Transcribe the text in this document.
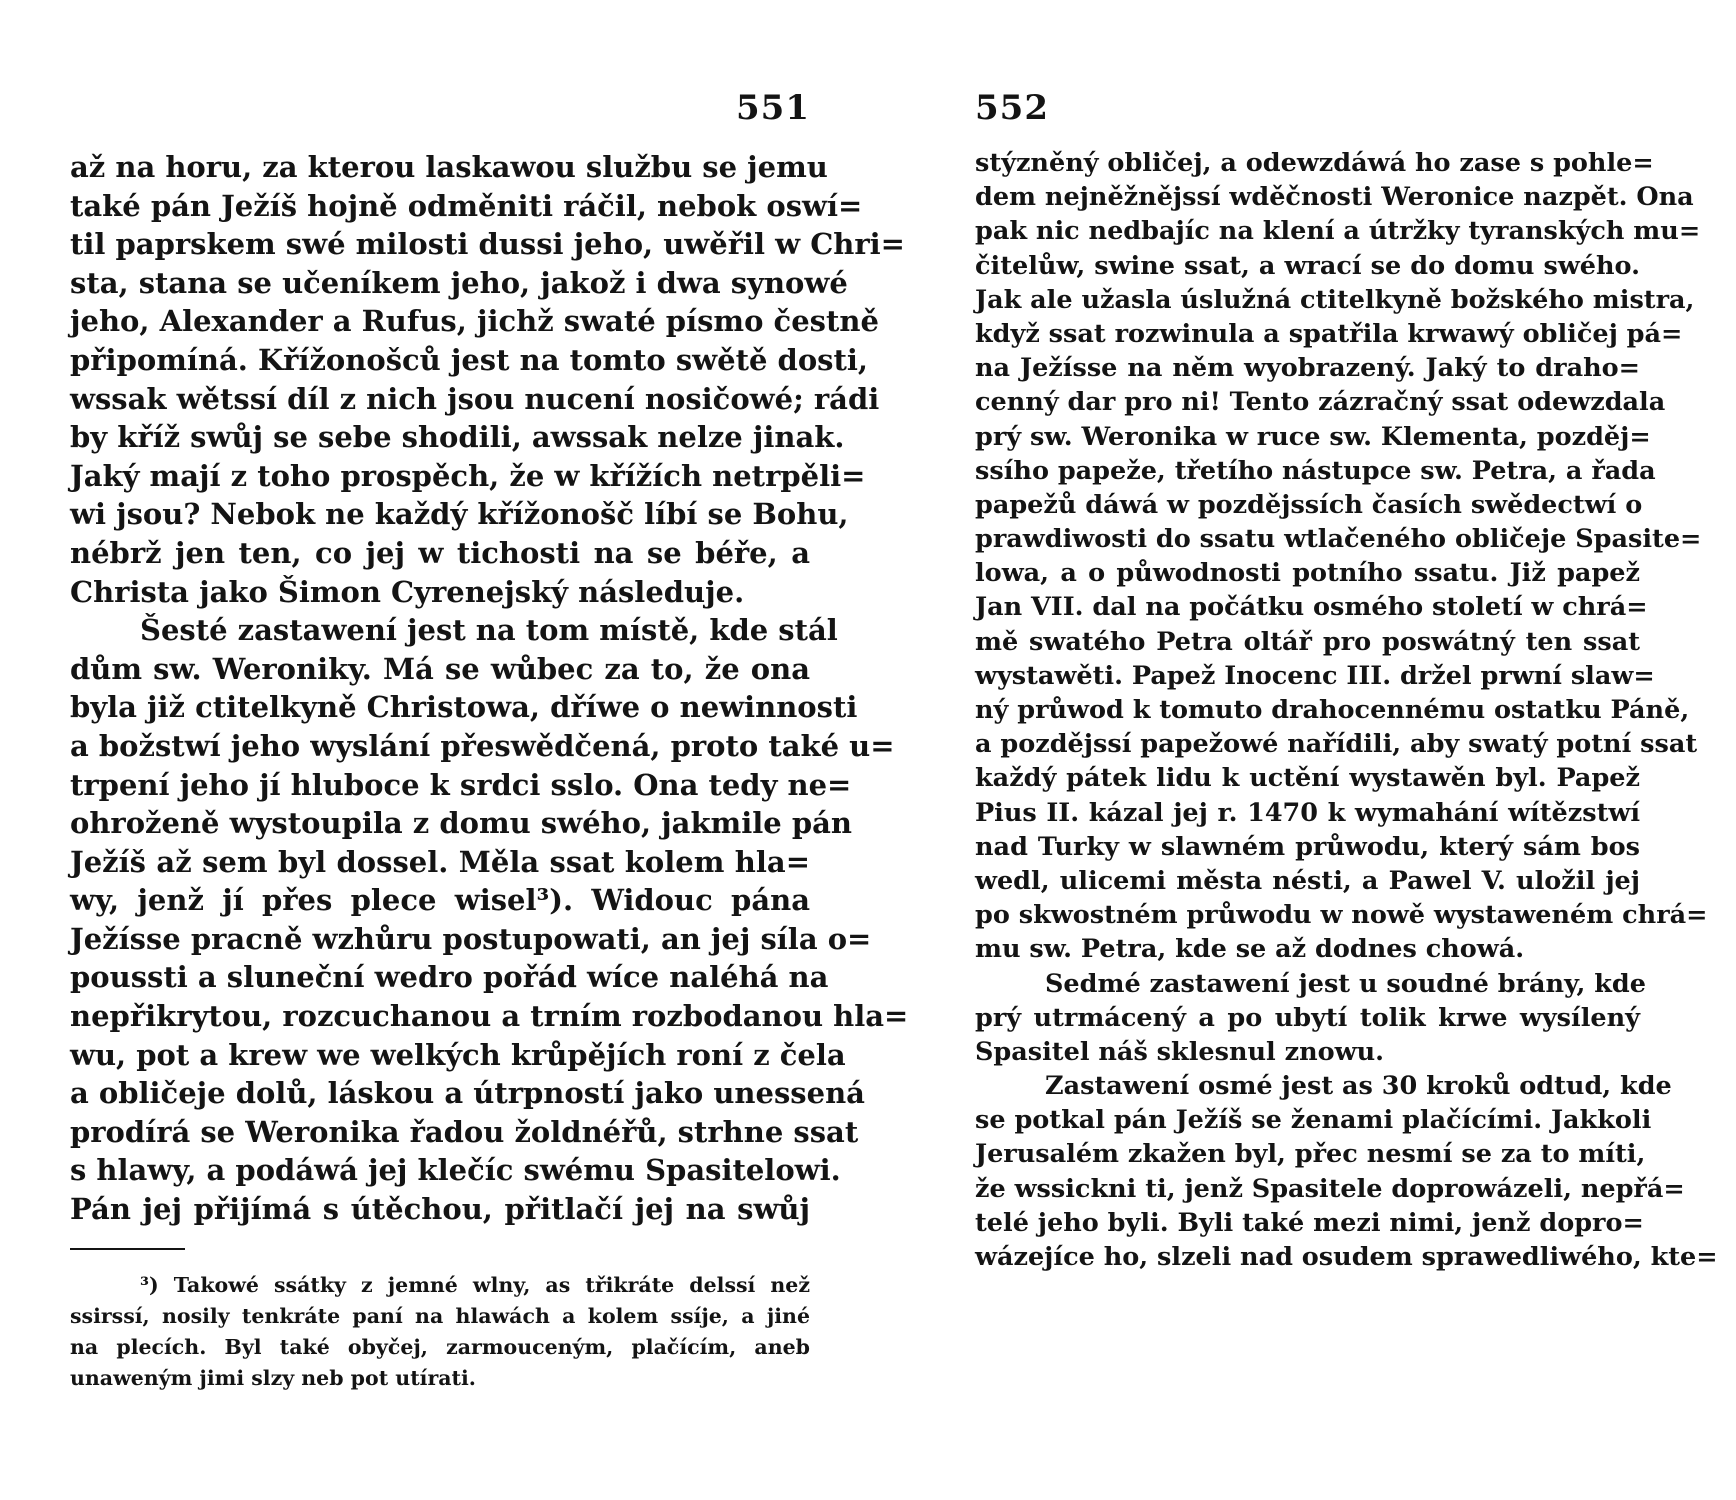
551
až na horu, za kterou laskawou službu se jemu
také pán Ježíš hojně odměniti ráčil, nebok oswí=
til paprskem swé milosti dussi jeho, uwěřil w Chri=
sta, stana se učeníkem jeho, jakož i dwa synowé
jeho, Alexander a Rufus, jichž swaté písmo čestně
připomíná. Křížonošců jest na tomto swětě dosti,
wssak wětssí díl z nich jsou nucení nosičowé; rádi
by kříž swůj se sebe shodili, awssak nelze jinak.
Jaký mají z toho prospěch, že w křížích netrpěli=
wi jsou? Nebok ne každý křížonošč líbí se Bohu,
nébrž jen ten, co jej w tichosti na se béře, a
Christa jako Šimon Cyrenejský následuje.
Šesté zastawení jest na tom místě, kde stál
dům sw. Weroniky. Má se wůbec za to, že ona
byla již ctitelkyně Christowa, dříwe o newinnosti
a božstwí jeho wyslání přeswědčená, proto také u=
trpení jeho jí hluboce k srdci sslo. Ona tedy ne=
ohroženě wystoupila z domu swého, jakmile pán
Ježíš až sem byl dossel. Měla ssat kolem hla=
wy, jenž jí přes plece wisel³). Widouc pána
Ježísse pracně wzhůru postupowati, an jej síla o=
poussti a sluneční wedro pořád wíce naléhá na
nepřikrytou, rozcuchanou a trním rozbodanou hla=
wu, pot a krew we welkých krůpějích roní z čela
a obličeje dolů, láskou a útrpností jako unessená
prodírá se Weronika řadou žoldnéřů, strhne ssat
s hlawy, a podáwá jej klečíc swému Spasitelowi.
Pán jej přijímá s útěchou, přitlačí jej na swůj
³) Takowé ssátky z jemné wlny, as třikráte delssí než
ssirssí, nosily tenkráte paní na hlawách a kolem ssíje, a jiné
na plecích. Byl také obyčej, zarmouceným, plačícím, aneb
unaweným jimi slzy neb pot utírati.
552
stýzněný obličej, a odewzdáwá ho zase s pohle=
dem nejněžnějssí wděčnosti Weronice nazpět. Ona
pak nic nedbajíc na klení a útržky tyranských mu=
čitelůw, swine ssat, a wrací se do domu swého.
Jak ale užasla úslužná ctitelkyně božského mistra,
když ssat rozwinula a spatřila krwawý obličej pá=
na Ježísse na něm wyobrazený. Jaký to draho=
cenný dar pro ni! Tento zázračný ssat odewzdala
prý sw. Weronika w ruce sw. Klementa, pozděj=
ssího papeže, třetího nástupce sw. Petra, a řada
papežů dáwá w pozdějssích časích swědectwí o
prawdiwosti do ssatu wtlačeného obličeje Spasite=
lowa, a o půwodnosti potního ssatu. Již papež
Jan VII. dal na počátku osmého století w chrá=
mě swatého Petra oltář pro poswátný ten ssat
wystawěti. Papež Inocenc III. držel prwní slaw=
ný průwod k tomuto drahocennému ostatku Páně,
a pozdějssí papežowé nařídili, aby swatý potní ssat
každý pátek lidu k uctění wystawěn byl. Papež
Pius II. kázal jej r. 1470 k wymahání wítězstwí
nad Turky w slawném průwodu, který sám bos
wedl, ulicemi města nésti, a Pawel V. uložil jej
po skwostném průwodu w nowě wystaweném chrá=
mu sw. Petra, kde se až dodnes chowá.
Sedmé zastawení jest u soudné brány, kde
prý utrmácený a po ubytí tolik krwe wysílený
Spasitel náš sklesnul znowu.
Zastawení osmé jest as 30 kroků odtud, kde
se potkal pán Ježíš se ženami plačícími. Jakkoli
Jerusalém zkažen byl, přec nesmí se za to míti,
že wssickni ti, jenž Spasitele doprowázeli, nepřá=
telé jeho byli. Byli také mezi nimi, jenž dopro=
wázejíce ho, slzeli nad osudem sprawedliwého, kte=
